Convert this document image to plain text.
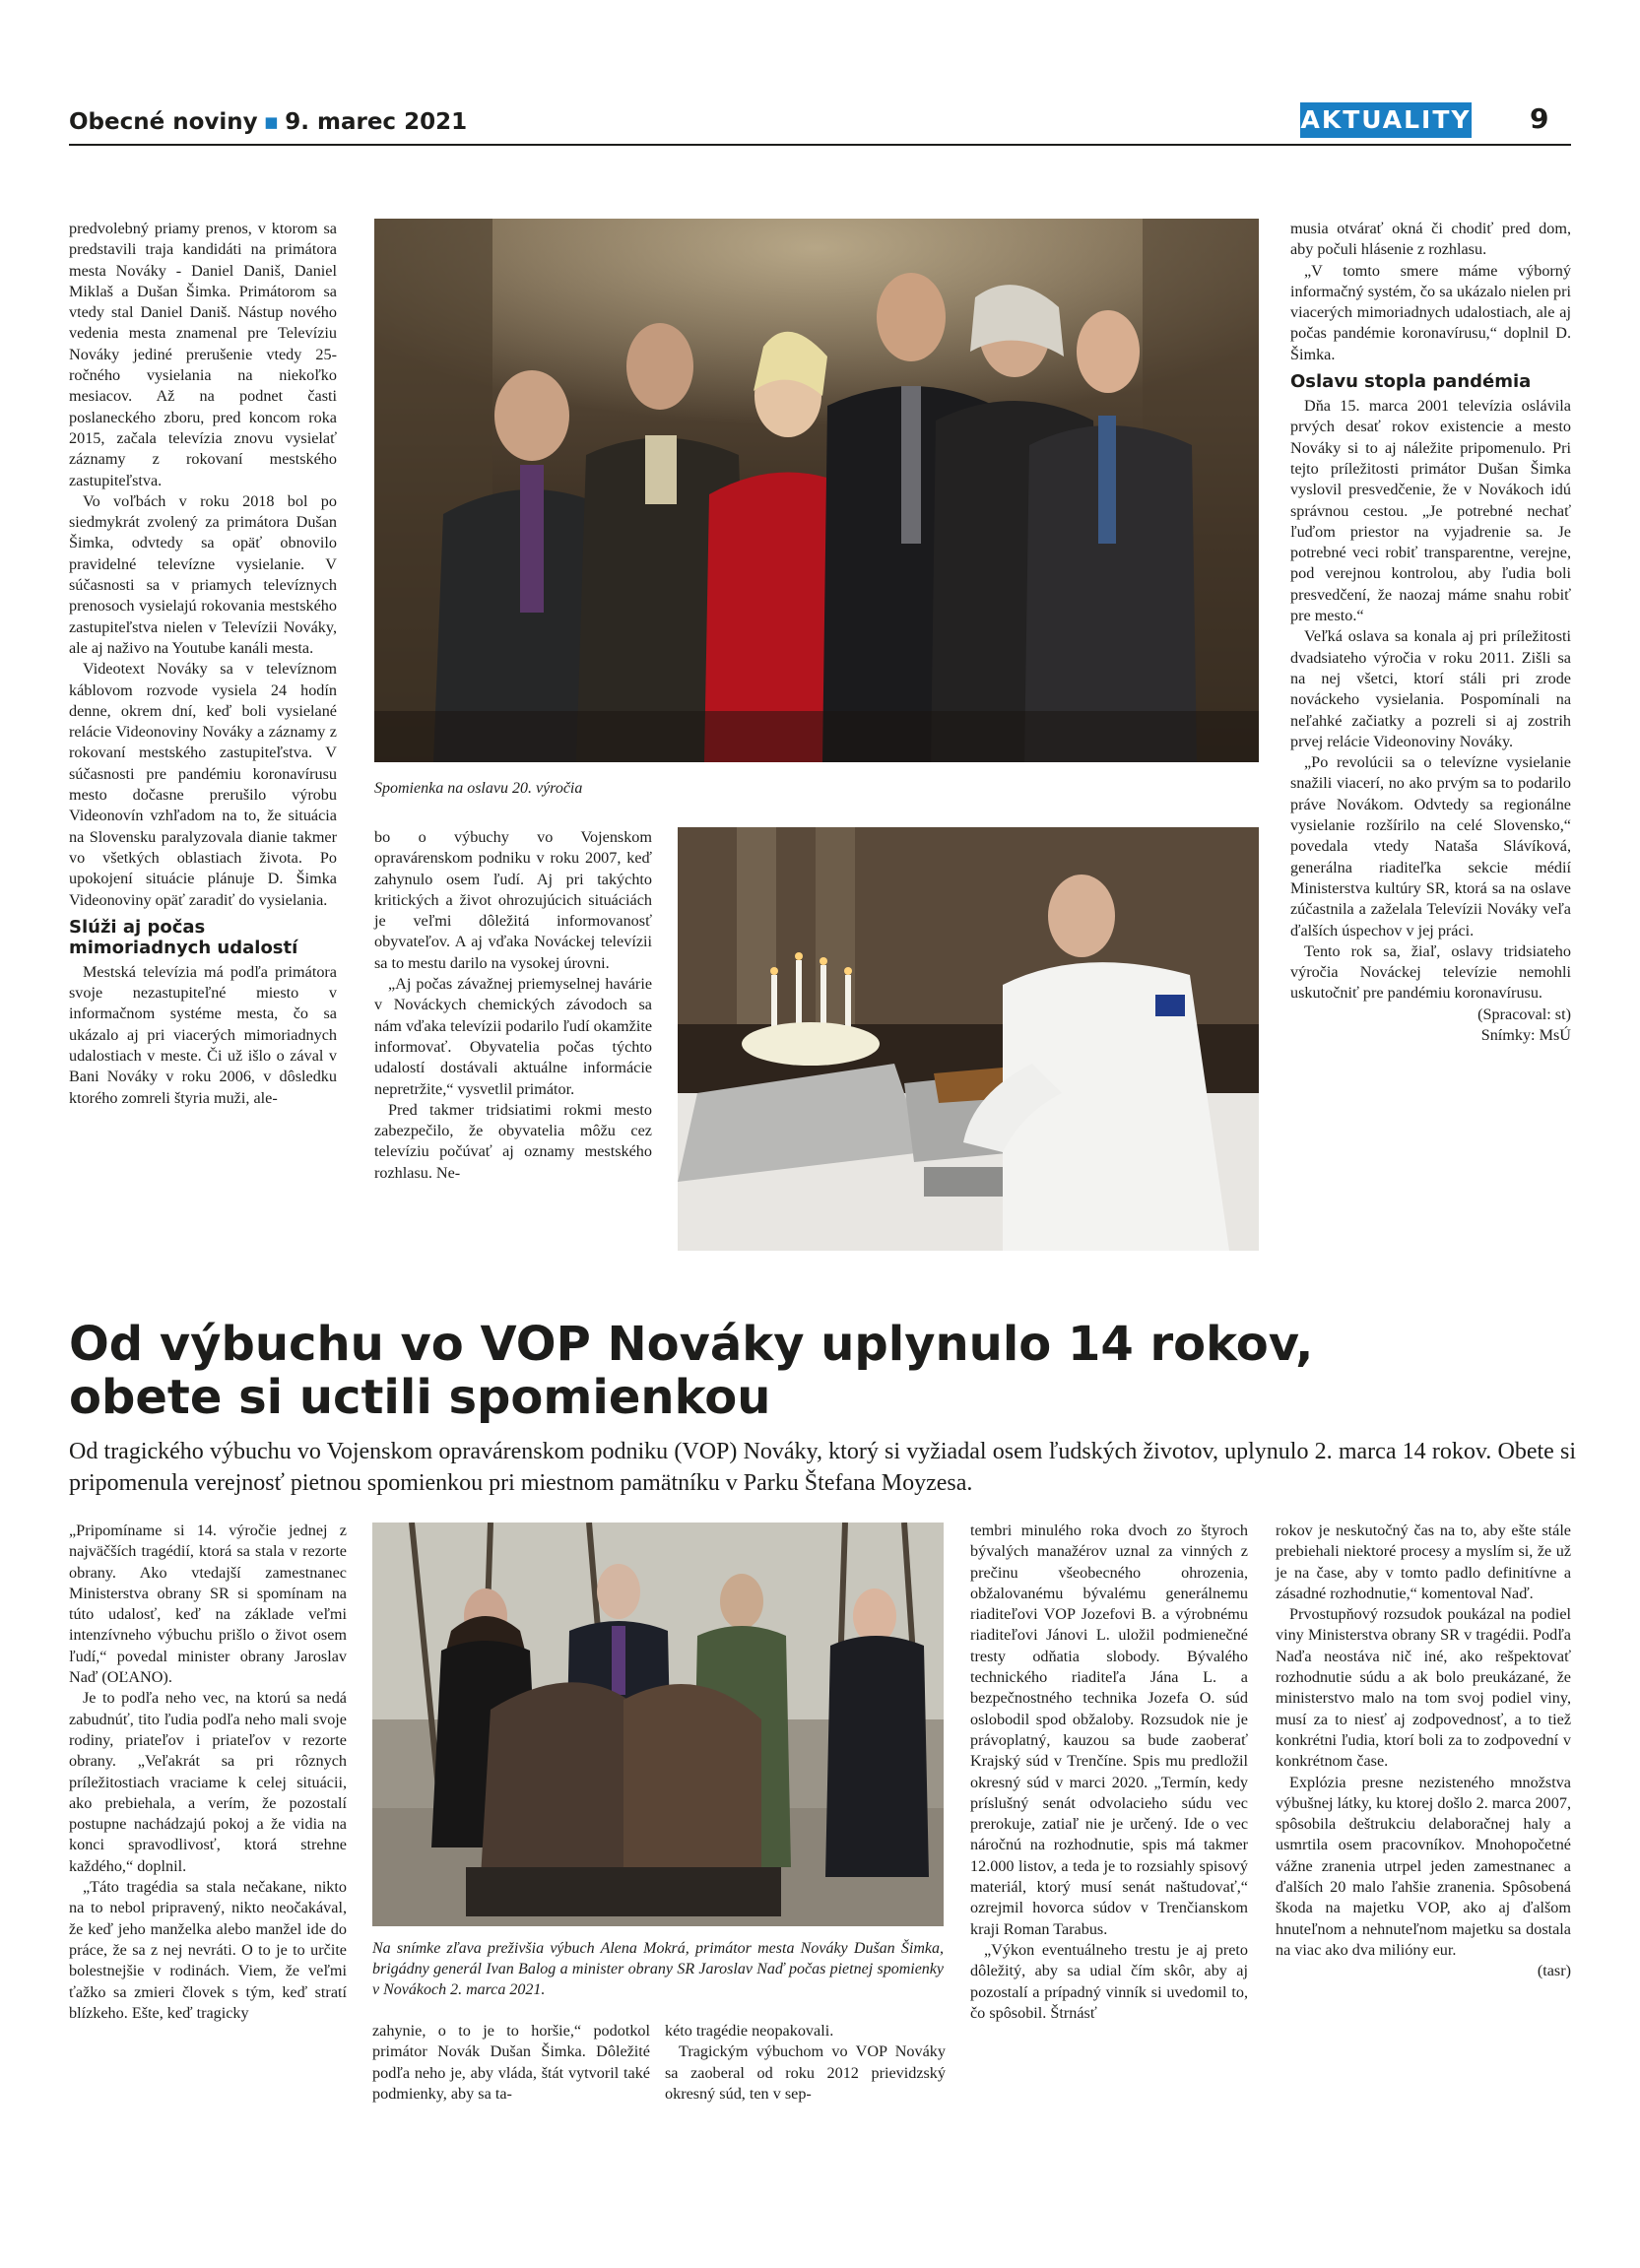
Obecné noviny ▪ 9. marec 2021	AKTUALITY 9

predvolebný priamy prenos, v ktorom sa predstavili traja kandidáti na primátora mesta Nováky - Daniel Daniš, Daniel Miklaš a Dušan Šimka. Primátorom sa vtedy stal Daniel Daniš. Nástup nového vedenia mesta znamenal pre Televíziu Nováky jediné prerušenie vtedy 25-ročného vysielania na niekoľko mesiacov. Až na podnet časti poslaneckého zboru, pred koncom roka 2015, začala televízia znovu vysielať záznamy z rokovaní mestského zastupiteľstva.

Vo voľbách v roku 2018 bol po siedmykrát zvolený za primátora Dušan Šimka, odvtedy sa opäť obnovilo pravidelné televízne vysielanie. V súčasnosti sa v priamych televíznych prenosoch vysielajú rokovania mestského zastupiteľstva nielen v Televízii Nováky, ale aj naživo na Youtube kanáli mesta.

Videotext Nováky sa v televíznom káblovom rozvode vysiela 24 hodín denne, okrem dní, keď boli vysielané relácie Videonoviny Nováky a záznamy z rokovaní mestského zastupiteľstva. V súčasnosti pre pandémiu koronavírusu mesto dočasne prerušilo výrobu Videonovín vzhľadom na to, že situácia na Slovensku paralyzovala dianie takmer vo všetkých oblastiach života. Po upokojení situácie plánuje D. Šimka Videonoviny opäť zaradiť do vysielania.

Slúži aj počas mimoriadnych udalostí

Mestská televízia má podľa primátora svoje nezastupiteľné miesto v informačnom systéme mesta, čo sa ukázalo aj pri viacerých mimoriadnych udalostiach v meste. Či už išlo o zával v Bani Nováky v roku 2006, v dôsledku ktorého zomreli štyria muži, ale-

Spomienka na oslavu 20. výročia

bo o výbuchy vo Vojenskom opravárenskom podniku v roku 2007, keď zahynulo osem ľudí. Aj pri takýchto kritických a život ohrozujúcich situáciách je veľmi dôležitá informovanosť obyvateľov. A aj vďaka Nováckej televízii sa to mestu darilo na vysokej úrovni.

„Aj počas závažnej priemyselnej havárie v Nováckych chemických závodoch sa nám vďaka televízii podarilo ľudí okamžite informovať. Obyvatelia počas týchto udalostí dostávali aktuálne informácie nepretržite,“ vysvetlil primátor.

Pred takmer tridsiatimi rokmi mesto zabezpečilo, že obyvatelia môžu cez televíziu počúvať aj oznamy mestského rozhlasu. Ne-

musia otvárať okná či chodiť pred dom, aby počuli hlásenie z rozhlasu.

„V tomto smere máme výborný informačný systém, čo sa ukázalo nielen pri viacerých mimoriadnych udalostiach, ale aj počas pandémie koronavírusu,“ doplnil D. Šimka.

Oslavu stopla pandémia

Dňa 15. marca 2001 televízia oslávila prvých desať rokov existencie a mesto Nováky si to aj náležite pripomenulo. Pri tejto príležitosti primátor Dušan Šimka vyslovil presvedčenie, že v Novákoch idú správnou cestou. „Je potrebné nechať ľuďom priestor na vyjadrenie sa. Je potrebné veci robiť transparentne, verejne, pod verejnou kontrolou, aby ľudia boli presvedčení, že naozaj máme snahu robiť pre mesto.“

Veľká oslava sa konala aj pri príležitosti dvadsiateho výročia v roku 2011. Zišli sa na nej všetci, ktorí stáli pri zrode nováckeho vysielania. Pospomínali na neľahké začiatky a pozreli si aj zostrih prvej relácie Videonoviny Nováky.

„Po revolúcii sa o televízne vysielanie snažili viacerí, no ako prvým sa to podarilo práve Novákom. Odvtedy sa regionálne vysielanie rozšírilo na celé Slovensko,“ povedala vtedy Nataša Slávíková, generálna riaditeľka sekcie médií Ministerstva kultúry SR, ktorá sa na oslave zúčastnila a zaželala Televízii Nováky veľa ďalších úspechov v jej práci.

Tento rok sa, žiaľ, oslavy tridsiateho výročia Nováckej televízie nemohli uskutočniť pre pandémiu koronavírusu.

(Spracoval: st)

Snímky: MsÚ

Od výbuchu vo VOP Nováky uplynulo 14 rokov,
obete si uctili spomienkou
Od tragického výbuchu vo Vojenskom opravárenskom podniku (VOP) Nováky, ktorý si vyžiadal osem ľudských životov, uplynulo 2. marca 14 rokov. Obete si pripomenula verejnosť pietnou spomienkou pri miestnom pamätníku v Parku Štefana Moyzesa.

„Pripomíname si 14. výročie jednej z najväčších tragédií, ktorá sa stala v rezorte obrany. Ako vtedajší zamestnanec Ministerstva obrany SR si spomínam na túto udalosť, keď na základe veľmi intenzívneho výbuchu prišlo o život osem ľudí,“ povedal minister obrany Jaroslav Naď (OĽANO).

Je to podľa neho vec, na ktorú sa nedá zabudnúť, tito ľudia podľa neho mali svoje rodiny, priateľov i priateľov v rezorte obrany. „Veľakrát sa pri rôznych príležitostiach vraciame k celej situácii, ako prebiehala, a verím, že pozostalí postupne nachádzajú pokoj a že vidia na konci spravodlivosť, ktorá strehne každého,“ doplnil.

„Táto tragédia sa stala nečakane, nikto na to nebol pripravený, nikto neočakával, že keď jeho manželka alebo manžel ide do práce, že sa z nej nevráti. O to je to určite bolestnejšie v rodinách. Viem, že veľmi ťažko sa zmieri človek s tým, keď stratí blízkeho. Ešte, keď tragicky

Na snímke zľava preživšia výbuch Alena Mokrá, primátor mesta Nováky Dušan Šimka, brigádny generál Ivan Balog a minister obrany SR Jaroslav Naď počas pietnej spomienky v Novákoch 2. marca 2021.

zahynie, o to je to horšie,“ podotkol primátor Novák Dušan Šimka. Dôležité podľa neho je, aby vláda, štát vytvoril také podmienky, aby sa ta-

kéto tragédie neopakovali.

Tragickým výbuchom vo VOP Nováky sa zaoberal od roku 2012 prievidzský okresný súd, ten v sep-

tembri minulého roka dvoch zo štyroch bývalých manažérov uznal za vinných z prečinu všeobecného ohrozenia, obžalovanému bývalému generálnemu riaditeľovi VOP Jozefovi B. a výrobnému riaditeľovi Jánovi L. uložil podmienečné tresty odňatia slobody. Bývalého technického riaditeľa Jána L. a bezpečnostného technika Jozefa O. súd oslobodil spod obžaloby. Rozsudok nie je právoplatný, kauzou sa bude zaoberať Krajský súd v Trenčíne. Spis mu predložil okresný súd v marci 2020. „Termín, kedy príslušný senát odvolacieho súdu vec prerokuje, zatiaľ nie je určený. Ide o vec náročnú na rozhodnutie, spis má takmer 12.000 listov, a teda je to rozsiahly spisový materiál, ktorý musí senát naštudovať,“ ozrejmil hovorca súdov v Trenčianskom kraji Roman Tarabus.

„Výkon eventuálneho trestu je aj preto dôležitý, aby sa udial čím skôr, aby aj pozostalí a prípadný vinník si uvedomil to, čo spôsobil. Štrnásť

rokov je neskutočný čas na to, aby ešte stále prebiehali niektoré procesy a myslím si, že už je na čase, aby v tomto padlo definitívne a zásadné rozhodnutie,“ komentoval Naď.

Prvostupňový rozsudok poukázal na podiel viny Ministerstva obrany SR v tragédii. Podľa Naďa neostáva nič iné, ako rešpektovať rozhodnutie súdu a ak bolo preukázané, že ministerstvo malo na tom svoj podiel viny, musí za to niesť aj zodpovednosť, a to tiež konkrétni ľudia, ktorí boli za to zodpovední v konkrétnom čase.

Explózia presne nezisteného množstva výbušnej látky, ku ktorej došlo 2. marca 2007, spôsobila deštrukciu delaboračnej haly a usmrtila osem pracovníkov. Mnohopočetné vážne zranenia utrpel jeden zamestnanec a ďalších 20 malo ľahšie zranenia. Spôsobená škoda na majetku VOP, ako aj ďalšom hnuteľnom a nehnuteľnom majetku sa dostala na viac ako dva milióny eur.

(tasr)
